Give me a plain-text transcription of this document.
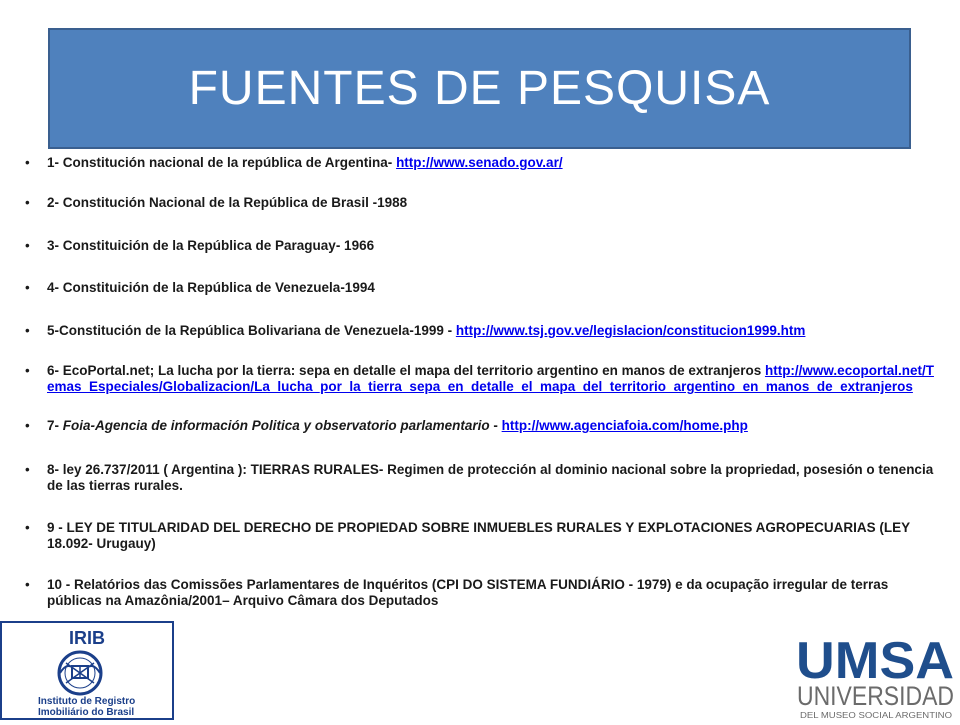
FUENTES DE PESQUISA
• 1- Constitución nacional de la república de Argentina- http://www.senado.gov.ar/
• 2- Constitución Nacional de la República de Brasil -1988
• 3- Constituición de la República de Paraguay- 1966
• 4- Constituición de la República de Venezuela-1994
• 5-Constitución de la República Bolivariana de Venezuela-1999 - http://www.tsj.gov.ve/legislacion/constitucion1999.htm
• 6- EcoPortal.net; La lucha por la tierra: sepa en detalle el mapa del territorio argentino en manos de extranjeros http://www.ecoportal.net/Temas_Especiales/Globalizacion/La_lucha_por_la_tierra_sepa_en_detalle_el_mapa_del_territorio_argentino_en_manos_de_extranjeros
• 7- Foia-Agencia de información Politica y observatorio parlamentario - http://www.agenciafoia.com/home.php
• 8- ley 26.737/2011 ( Argentina ): TIERRAS RURALES- Regimen de protección al dominio nacional sobre la propriedad, posesión o tenencia de las tierras rurales.
• 9 - LEY DE TITULARIDAD DEL DERECHO DE PROPIEDAD SOBRE INMUEBLES RURALES Y EXPLOTACIONES AGROPECUARIAS (LEY 18.092- Urugauy)
• 10 - Relatórios das Comissões Parlamentares de Inquéritos (CPI DO SISTEMA FUNDIÁRIO - 1979) e da ocupação irregular de terras públicas na Amazônia/2001– Arquivo Câmara dos Deputados
IRIB
Instituto de Registro
Imobiliário do Brasil
UMSA
UNIVERSIDAD
DEL MUSEO SOCIAL ARGENTINO
